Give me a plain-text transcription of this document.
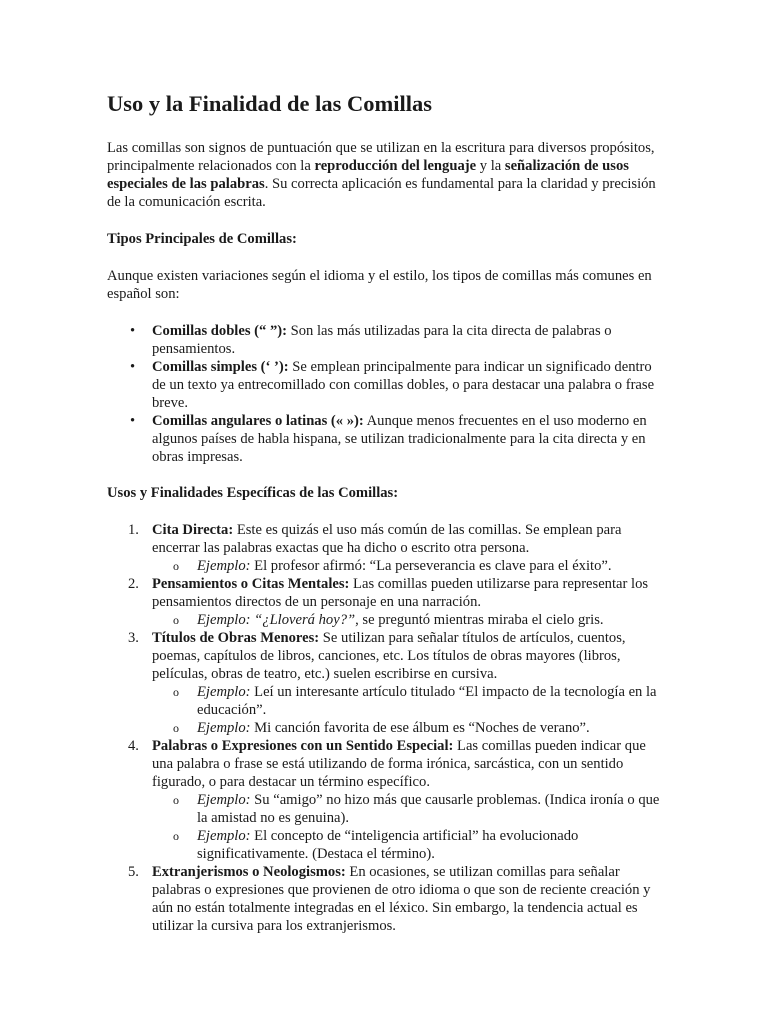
Uso y la Finalidad de las Comillas

Las comillas son signos de puntuación que se utilizan en la escritura para diversos propósitos, principalmente relacionados con la reproducción del lenguaje y la señalización de usos especiales de las palabras. Su correcta aplicación es fundamental para la claridad y precisión de la comunicación escrita.

Tipos Principales de Comillas:

Aunque existen variaciones según el idioma y el estilo, los tipos de comillas más comunes en español son:

• Comillas dobles (“ ”): Son las más utilizadas para la cita directa de palabras o pensamientos.
• Comillas simples (‘ ’): Se emplean principalmente para indicar un significado dentro de un texto ya entrecomillado con comillas dobles, o para destacar una palabra o frase breve.
• Comillas angulares o latinas (« »): Aunque menos frecuentes en el uso moderno en algunos países de habla hispana, se utilizan tradicionalmente para la cita directa y en obras impresas.
Usos y Finalidades Específicas de las Comillas:
1. Cita Directa: Este es quizás el uso más común de las comillas. Se emplean para encerrar las palabras exactas que ha dicho o escrito otra persona.
o Ejemplo: El profesor afirmó: “La perseverancia es clave para el éxito”.
2. Pensamientos o Citas Mentales: Las comillas pueden utilizarse para representar los pensamientos directos de un personaje en una narración.
o Ejemplo: “¿Lloverá hoy?”, se preguntó mientras miraba el cielo gris.
3. Títulos de Obras Menores: Se utilizan para señalar títulos de artículos, cuentos, poemas, capítulos de libros, canciones, etc. Los títulos de obras mayores (libros, películas, obras de teatro, etc.) suelen escribirse en cursiva.
o Ejemplo: Leí un interesante artículo titulado “El impacto de la tecnología en la educación”.
o Ejemplo: Mi canción favorita de ese álbum es “Noches de verano”.
4. Palabras o Expresiones con un Sentido Especial: Las comillas pueden indicar que una palabra o frase se está utilizando de forma irónica, sarcástica, con un sentido figurado, o para destacar un término específico.
o Ejemplo: Su “amigo” no hizo más que causarle problemas. (Indica ironía o que la amistad no es genuina).
o Ejemplo: El concepto de “inteligencia artificial” ha evolucionado significativamente. (Destaca el término).
5. Extranjerismos o Neologismos: En ocasiones, se utilizan comillas para señalar palabras o expresiones que provienen de otro idioma o que son de reciente creación y aún no están totalmente integradas en el léxico. Sin embargo, la tendencia actual es utilizar la cursiva para los extranjerismos.
